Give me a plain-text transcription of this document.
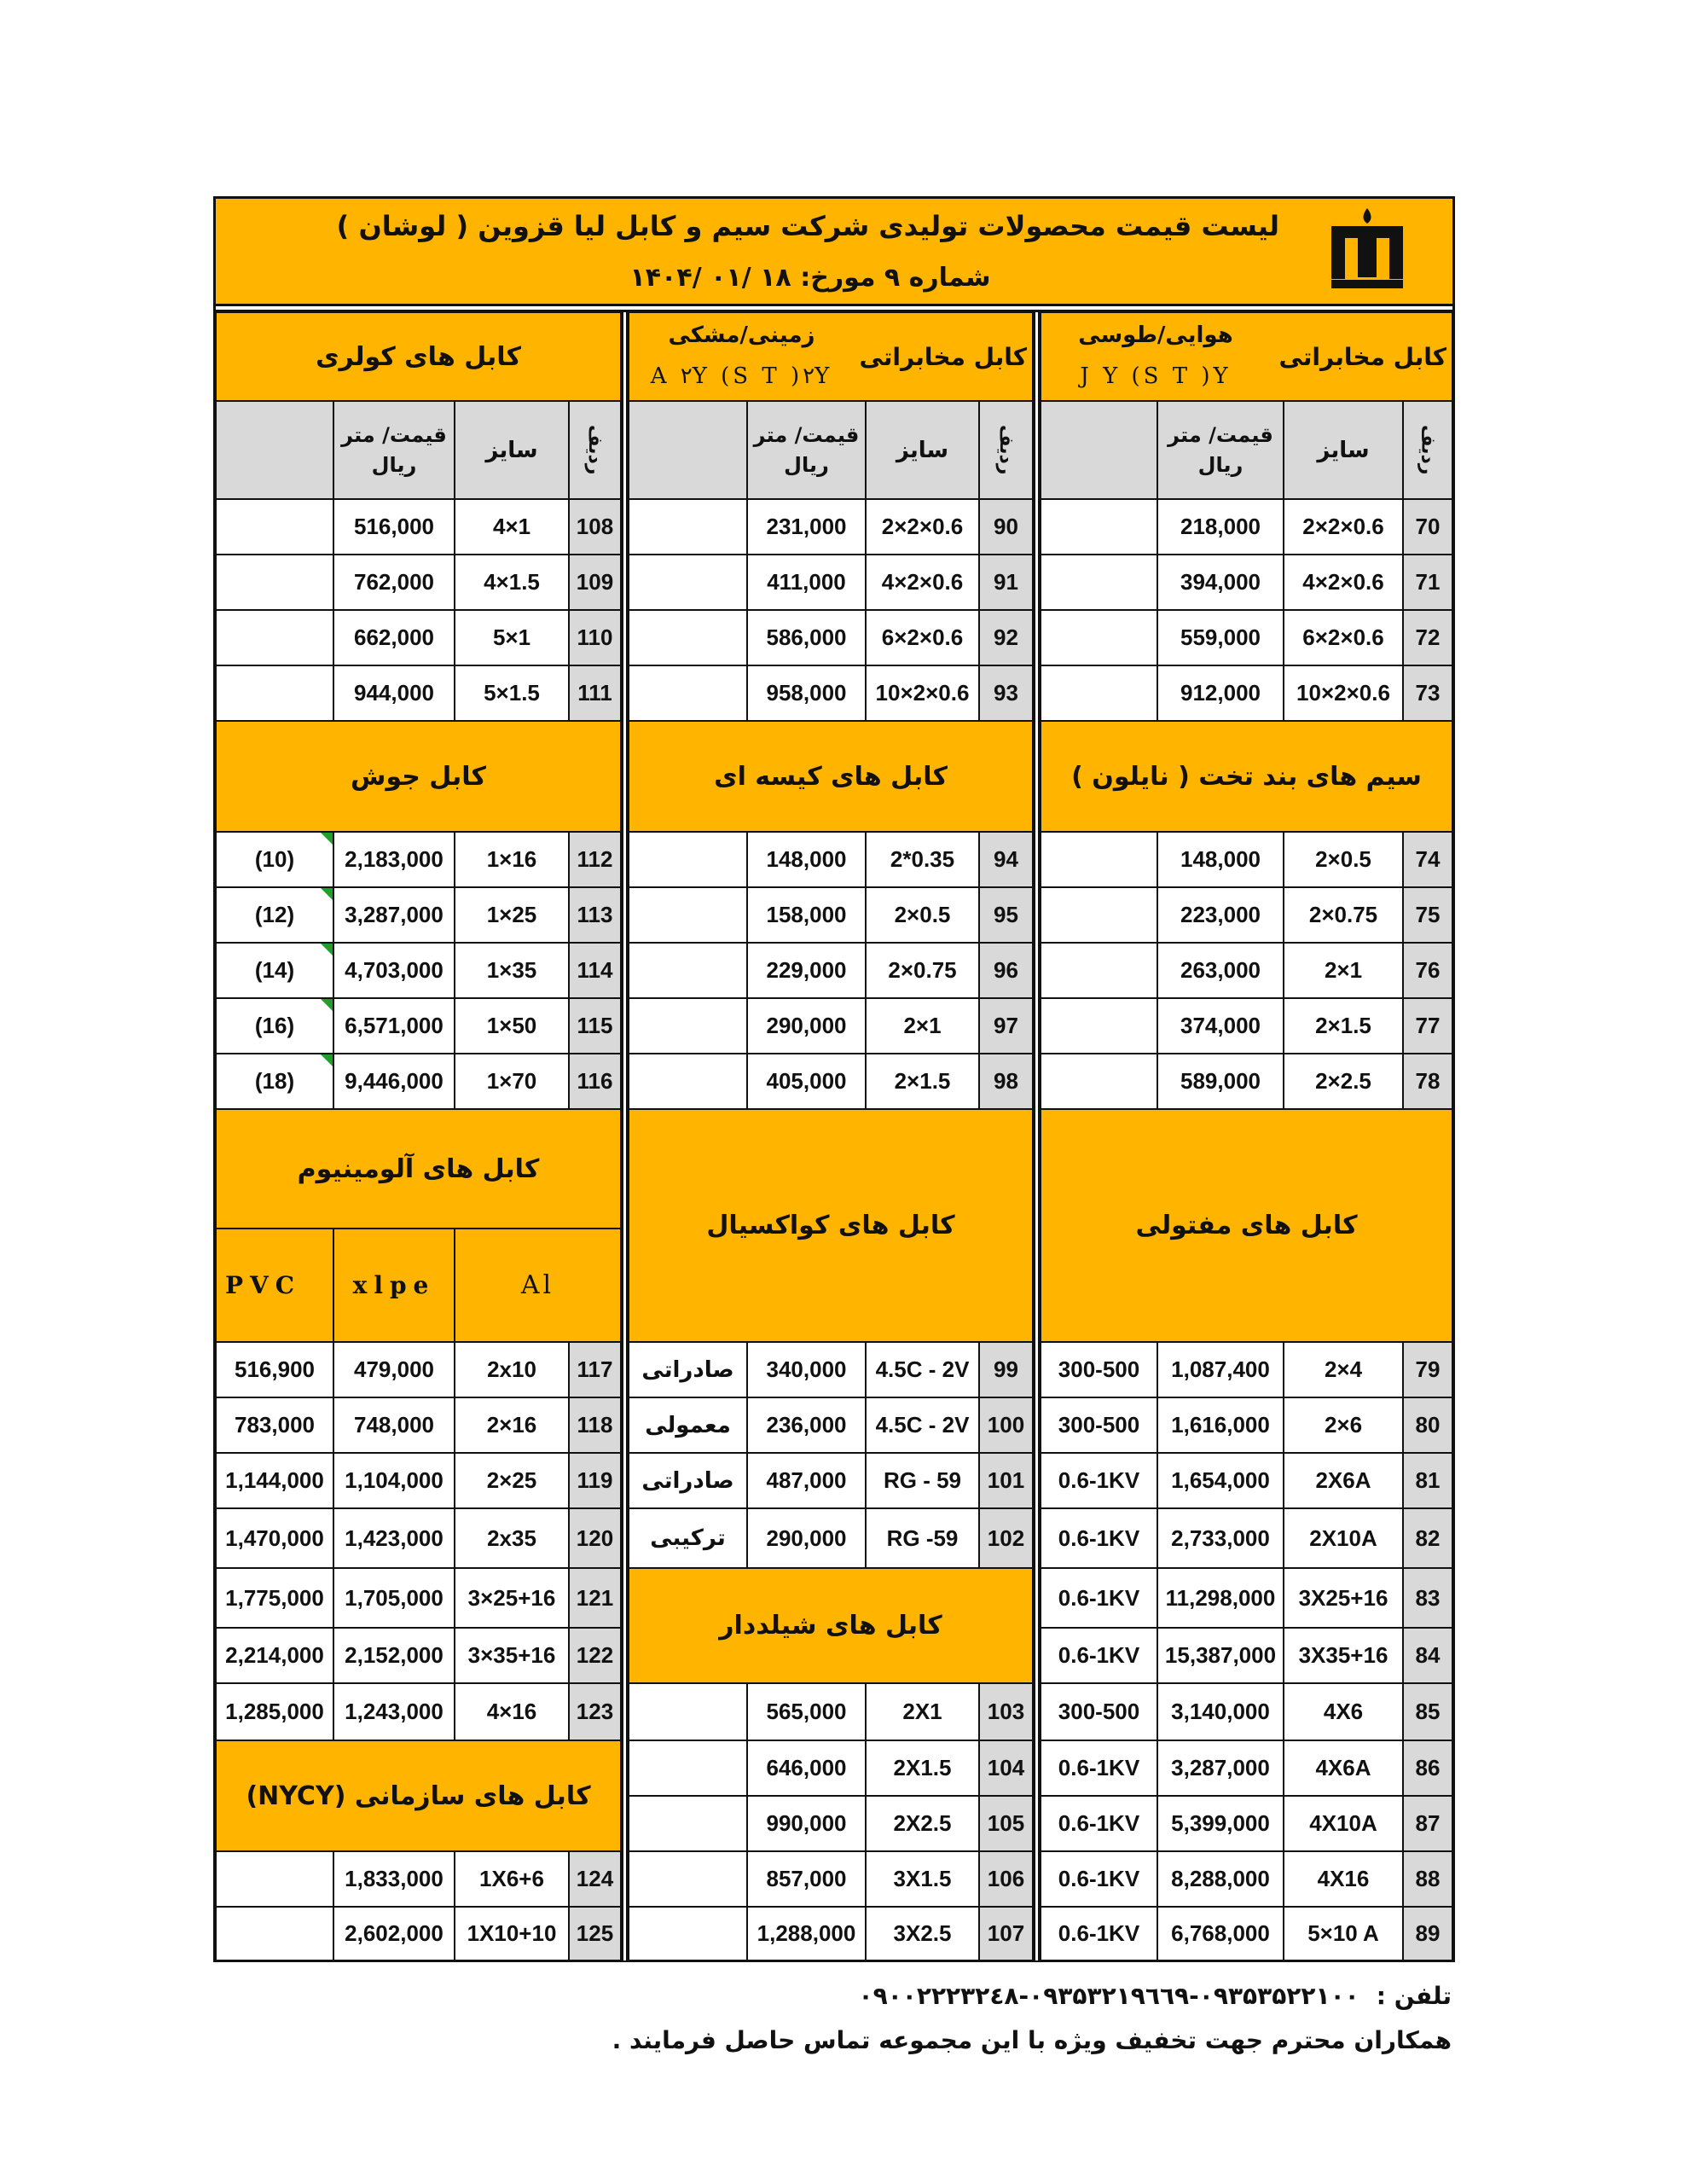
لیست قیمت محصولات تولیدی شرکت سیم و کابل لیا قزوین ( لوشان )
شماره ۹ مورخ: ۱۸ /۰۱ /۱۴۰۴
کابل مخابراتی
هوایی/طوسی
J Y (S T )Y
قیمت/ متر
ریال
سایز	ردیف
218,000	2×2×0.6	70
394,000	4×2×0.6	71
559,000	6×2×0.6	72
912,000	10×2×0.6	73
سیم های بند تخت ( نایلون )
148,000	2×0.5	74
223,000	2×0.75	75
263,000	2×1	76
374,000	2×1.5	77
589,000	2×2.5	78
کابل های مفتولی
300-500	1,087,400	2×4	79
300-500	1,616,000	2×6	80
0.6-1KV	1,654,000	2X6A	81
0.6-1KV	2,733,000	2X10A	82
0.6-1KV	11,298,000	3X25+16	83
0.6-1KV	15,387,000	3X35+16	84
300-500	3,140,000	4X6	85
0.6-1KV	3,287,000	4X6A	86
0.6-1KV	5,399,000	4X10A	87
0.6-1KV	8,288,000	4X16	88
0.6-1KV	6,768,000	5×10 A	89
کابل مخابراتی
زمینی/مشکی
A ۲Y (S T )۲Y
قیمت/ متر
ریال
سایز	ردیف
231,000	2×2×0.6	90
411,000	4×2×0.6	91
586,000	6×2×0.6	92
958,000	10×2×0.6	93
کابل های کیسه ای
148,000	2*0.35	94
158,000	2×0.5	95
229,000	2×0.75	96
290,000	2×1	97
405,000	2×1.5	98
کابل های کواکسیال
صادراتی	340,000	4.5C - 2V	99
معمولی	236,000	4.5C - 2V 100
صادراتی	487,000	RG - 59	101
ترکیبی	290,000	RG -59	102
کابل های شیلددار
565,000	2X1	103
646,000	2X1.5	104
990,000	2X2.5	105
857,000	3X1.5	106
1,288,000	3X2.5	107
کابل های کولری
قیمت/ متر
ریال
سایز	ردیف
516,000	4×1	108
762,000	4×1.5	109
662,000	5×1	110
944,000	5×1.5	111
کابل جوش
(10)	2,183,000	1×16	112
(12)	3,287,000	1×25	113
(14)	4,703,000	1×35	114
(16)	6,571,000	1×50	115
(18)	9,446,000	1×70	116
کابل های آلومینیوم
PVC	xlpe	Al
516,900	479,000	2x10	117
783,000	748,000	2×16	118
1,144,000 1,104,000	2×25	119
1,470,000 1,423,000	2x35	120
1,775,000 1,705,000	3×25+16 121
2,214,000 2,152,000	3×35+16 122
1,285,000 1,243,000	4×16	123
کابل های سازمانی (NYCY)
1,833,000	1X6+6	124
2,602,000	1X10+10 125
تلفن :۰۹۰۰۲۲۲۳۲٤۸-۰۹۳۵۳۲۱۹٦٦۹-۰۹۳۵۳۵۲۲۱۰۰
همکاران محترم جهت تخفیف ویژه با این مجموعه تماس حاصل فرمایند .
